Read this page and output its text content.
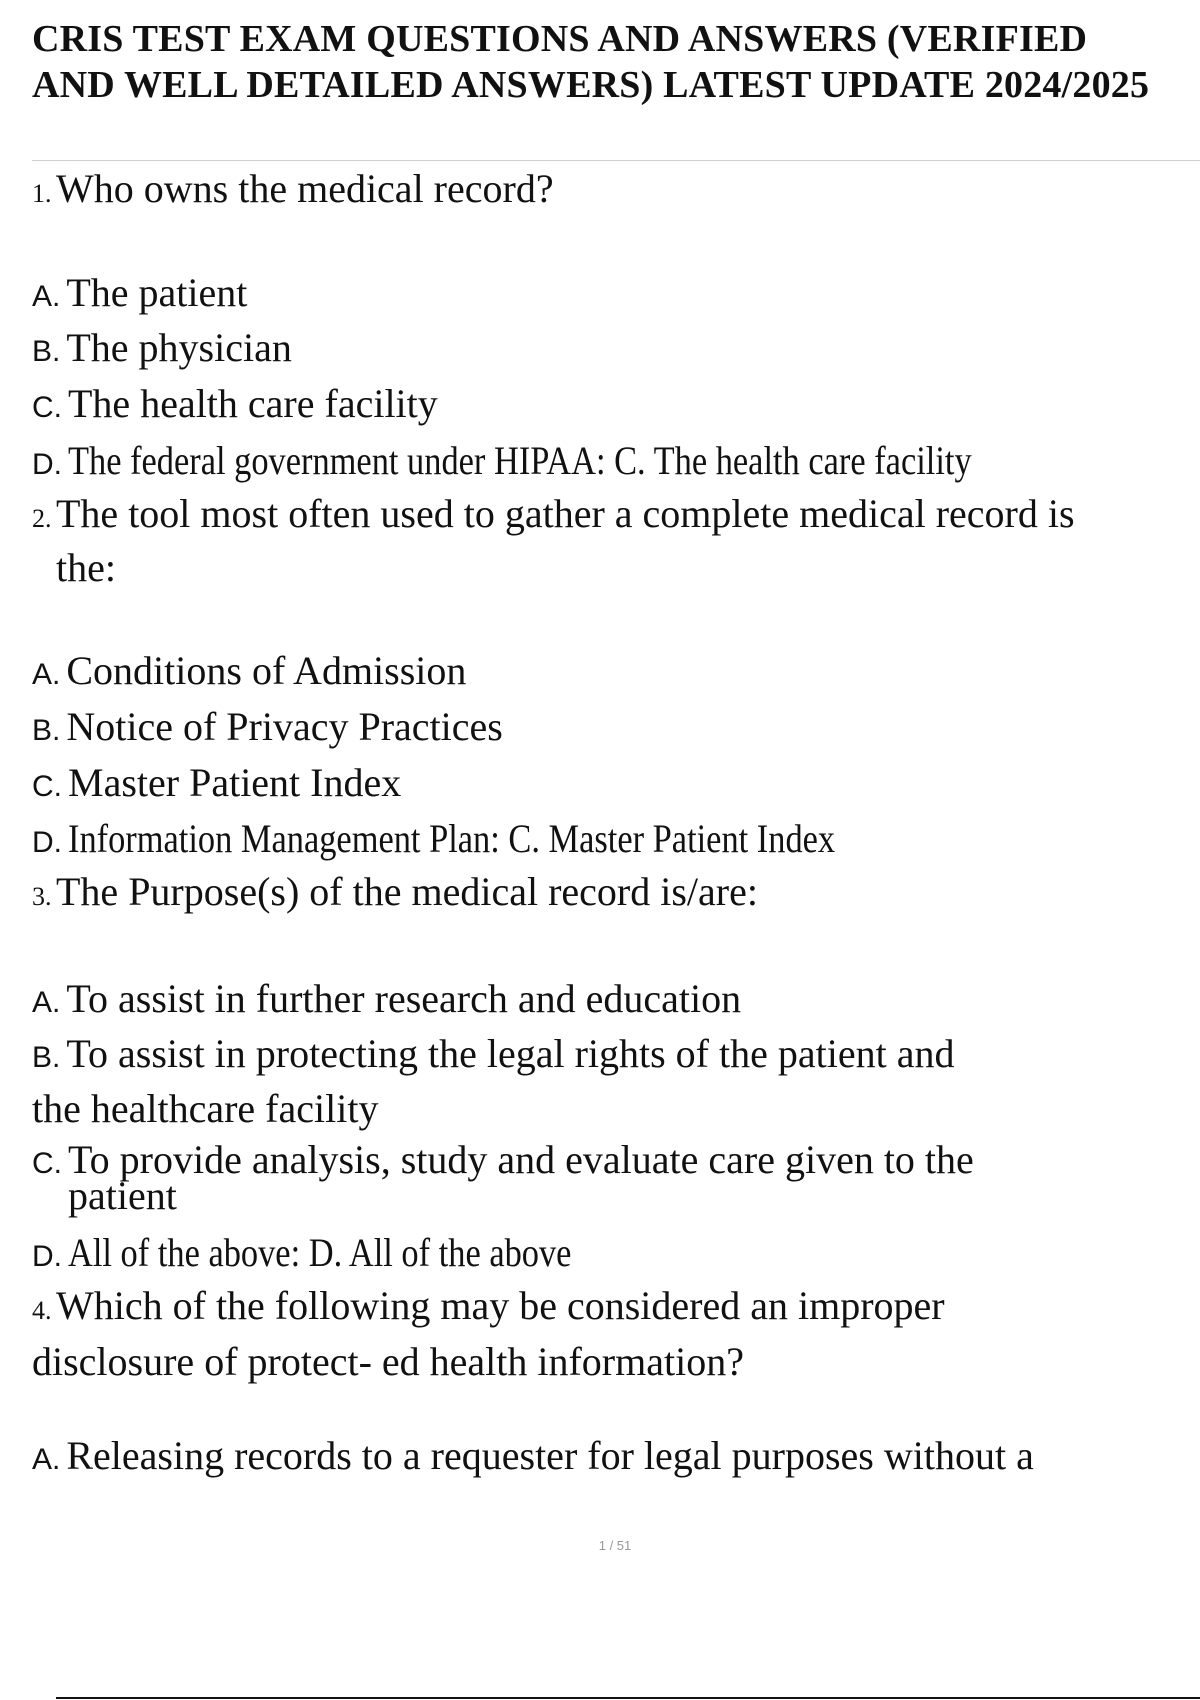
CRIS TEST EXAM QUESTIONS AND ANSWERS (VERIFIED AND WELL DETAILED ANSWERS) LATEST UPDATE 2024/2025

1. Who owns the medical record?

A. The patient

B. The physician

C. The health care facility

D. The federal government under HIPAA: C. The health care facility

2. The tool most often used to gather a complete medical record is

the:

A. Conditions of Admission

B. Notice of Privacy Practices

C. Master Patient Index

D. Information Management Plan: C. Master Patient Index

3. The Purpose(s) of the medical record is/are:

A. To assist in further research and education

B. To assist in protecting the legal rights of the patient and

the healthcare facility

C. To provide analysis, study and evaluate care given to the

patient

D. All of the above: D. All of the above

4. Which of the following may be considered an improper

disclosure of protect- ed health information?

A. Releasing records to a requester for legal purposes without a

1 / 51
